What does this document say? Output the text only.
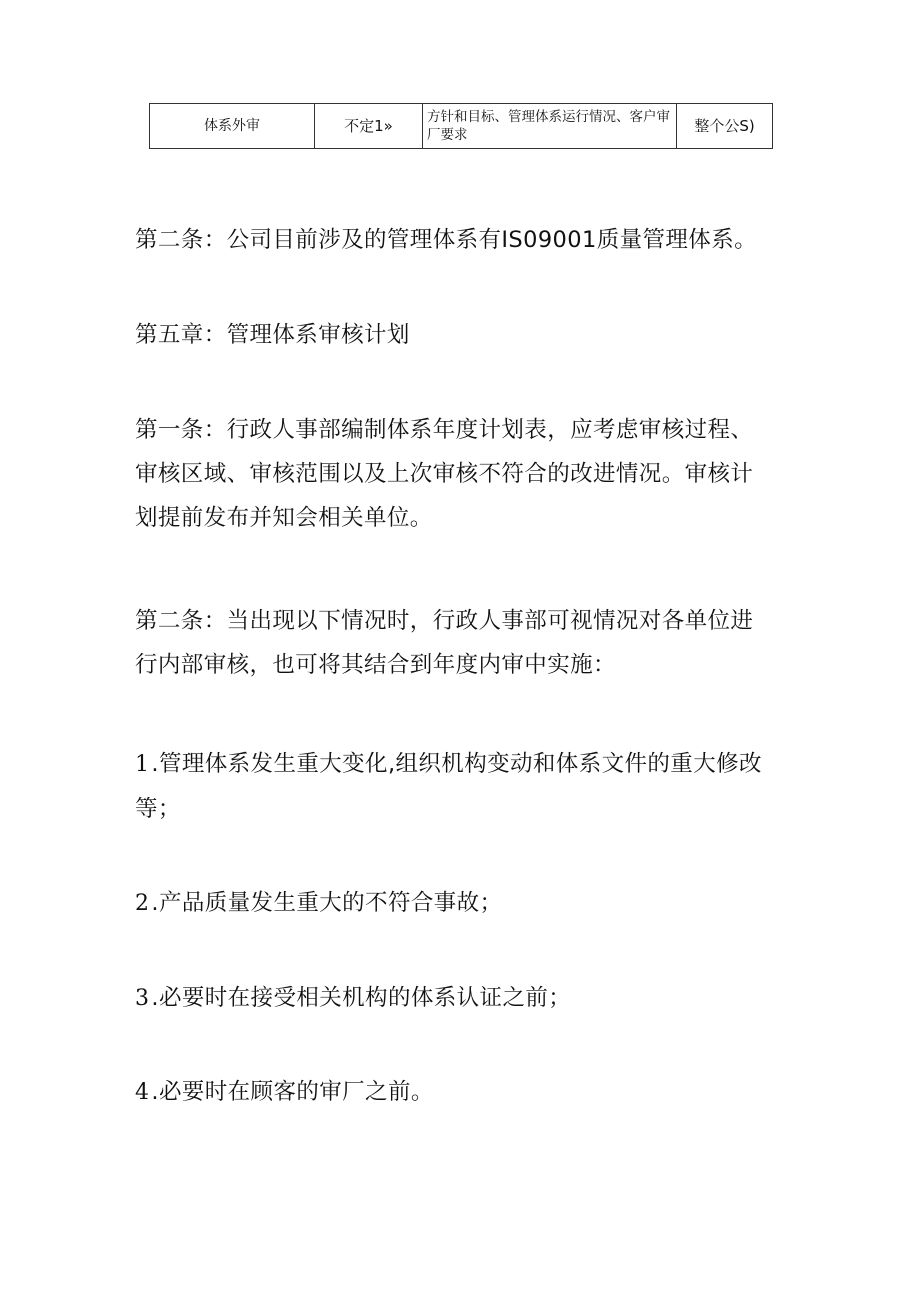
体系外审	不定1»	方针和目标、管理体系运行情况、客户审厂要求	整个公S)

第二条：公司目前涉及的管理体系有IS09001质量管理体系。

第五章：管理体系审核计划

第一条：行政人事部编制体系年度计划表，应考虑审核过程、审核区域、审核范围以及上次审核不符合的改进情况。审核计划提前发布并知会相关单位。

第二条：当出现以下情况时，行政人事部可视情况对各单位进行内部审核，也可将其结合到年度内审中实施：

1.管理体系发生重大变化,组织机构变动和体系文件的重大修改等；

2.产品质量发生重大的不符合事故；

3.必要时在接受相关机构的体系认证之前；

4.必要时在顾客的审厂之前。
